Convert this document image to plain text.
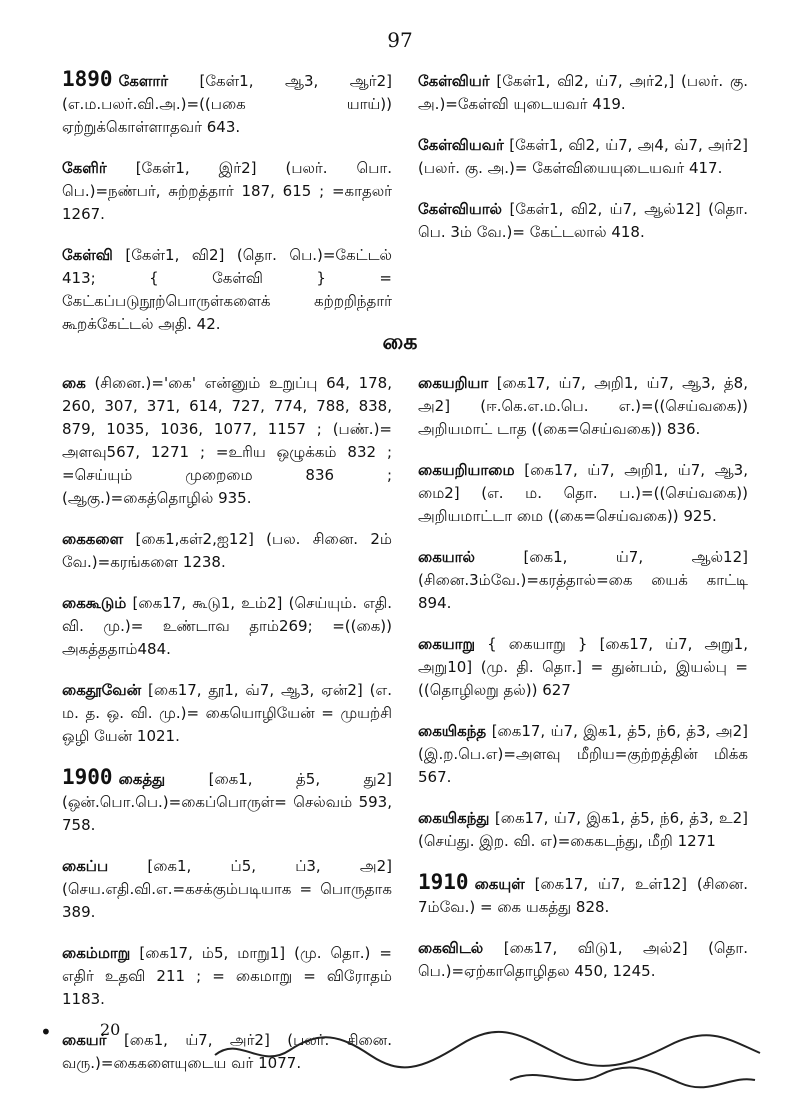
97
1890 கேளார் [கேள்1, ஆ3, ஆர்2] (எ.ம.பலர்.வி.அ.)=((பகை யாய்)) ஏற்றுக்கொள்ளாதவர் 643.
கேளிர் [கேள்1, இர்2] (பலர். பொ. பெ.)=நண்பர், சுற்றத்தார் 187, 615 ; =காதலர் 1267.
கேள்வி [கேள்1, வி2] (தொ. பெ.)=கேட்டல் 413; { கேள்வி } = கேட்கப்படுநூற்பொருள்களைக் கற்றறிந்தார் கூறக்கேட்டல் அதி. 42.
கேள்வியர் [கேள்1, வி2, ய்7, அர்2,] (பலர். கு. அ.)=கேள்வி யுடையவர் 419.
கேள்வியவர் [கேள்1, வி2, ய்7, அ4, வ்7, அர்2] (பலர். கு. அ.)= கேள்வியையுடையவர் 417.
கேள்வியால் [கேள்1, வி2, ய்7, ஆல்12] (தொ. பெ. 3ம் வே.)= கேட்டலால் 418.
கை
கை (சினை.)='கை' என்னும் உறுப்பு 64, 178, 260, 307, 371, 614, 727, 774, 788, 838, 879, 1035, 1036, 1077, 1157 ; (பண்.)= அளவு567, 1271 ; =உரிய ஒழுக்கம் 832 ; =செய்யும் முறைமை 836 ; (ஆகு.)=கைத்தொழில் 935.
கைகளை [கை1,கள்2,ஐ12] (பல. சினை. 2ம் வே.)=கரங்களை 1238.
கைகூடும் [கை17, கூடு1, உம்2] (செய்யும். எதி. வி. மு.)= உண்டாவ தாம்269; =((கை)) அகத்ததாம்484.
கைதூவேன் [கை17, தூ1, வ்7, ஆ3, ஏன்2] (எ. ம. த. ஒ. வி. மு.)= கையொழியேன் = முயற்சி ஒழி யேன் 1021.
1900 கைத்து	[கை1, த்5, து2] (ஒன்.பொ.பெ.)=கைப்பொருள்= செல்வம் 593, 758.
கைப்ப	[கை1, ப்5, ப்3, அ2] (செய.எதி.வி.எ.=கசக்கும்படியாக = பொருதாக 389.
கைம்மாறு [கை17, ம்5, மாறு1] (மு. தொ.) = எதிர் உதவி 211 ; = கைமாறு = விரோதம் 1183.
கையர் [கை1, ய்7, அர்2] (பலர். சினை. வரு.)=கைகளையுடைய வர் 1077.
கையறியா [கை17, ய்7, அறி1, ய்7, ஆ3, த்8, அ2] (ஈ.கெ.எ.ம.பெ. எ.)=((செய்வகை)) அறியமாட் டாத ((கை=செய்வகை)) 836.
கையறியாமை [கை17, ய்7, அறி1, ய்7, ஆ3, மை2] (எ. ம. தொ. ப.)=((செய்வகை)) அறியமாட்டா மை ((கை=செய்வகை)) 925.
கையால்	[கை1, ய்7, ஆல்12] (சினை.3ம்வே.)=கரத்தால்=கை யைக் காட்டி 894.
கையாறு { கையாறு } [கை17, ய்7, அறு1, அறு10] (மு. தி. தொ.] = துன்பம், இயல்பு =((தொழிலறு தல்)) 627
கையிகந்த [கை17, ய்7, இக1, த்5, ந்6, த்3, அ2] (இ.ற.பெ.எ)=அளவு மீறிய=குற்றத்தின் மிக்க 567.
கையிகந்து [கை17, ய்7, இக1, த்5, ந்6, த்3, உ2] (செய்து. இற. வி. எ)=கைகடந்து, மீறி 1271
1910 கையுள் [கை17, ய்7, உள்12] (சினை. 7ம்வே.) = கை யகத்து 828.
கைவிடல் [கை17, விடு1, அல்2] (தொ. பெ.)=ஏற்காதொழிதல 450, 1245.
•	20
